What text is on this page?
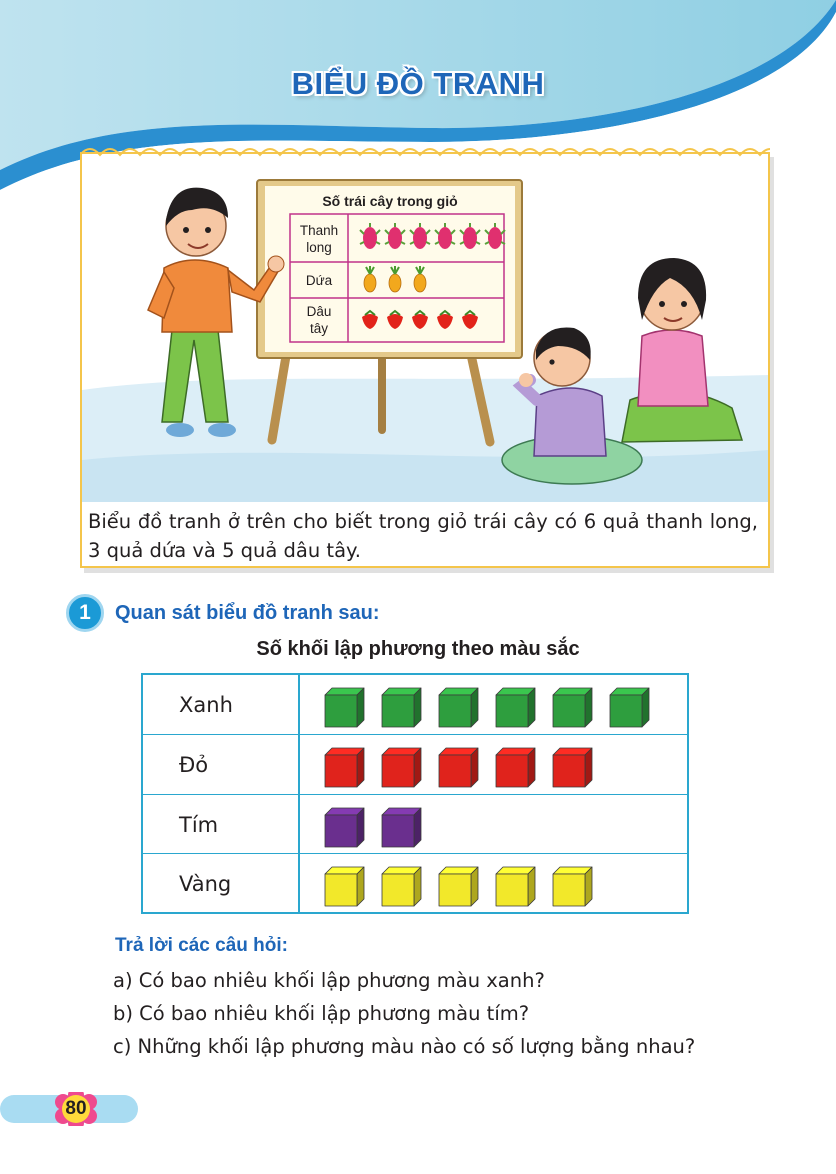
BIỂU ĐỒ TRANH
Số trái cây trong giỏ
Thanh
long
Dứa
Dâu
tây
Biểu đồ tranh ở trên cho biết trong giỏ trái cây có 6 quả thanh long, 3 quả dứa và 5 quả dâu tây.
1	Quan sát biểu đồ tranh sau:
Số khối lập phương theo màu sắc
Xanh
Đỏ
Tím
Vàng
Trả lời các câu hỏi:
a) Có bao nhiêu khối lập phương màu xanh?
b) Có bao nhiêu khối lập phương màu tím?
c) Những khối lập phương màu nào có số lượng bằng nhau?
80
